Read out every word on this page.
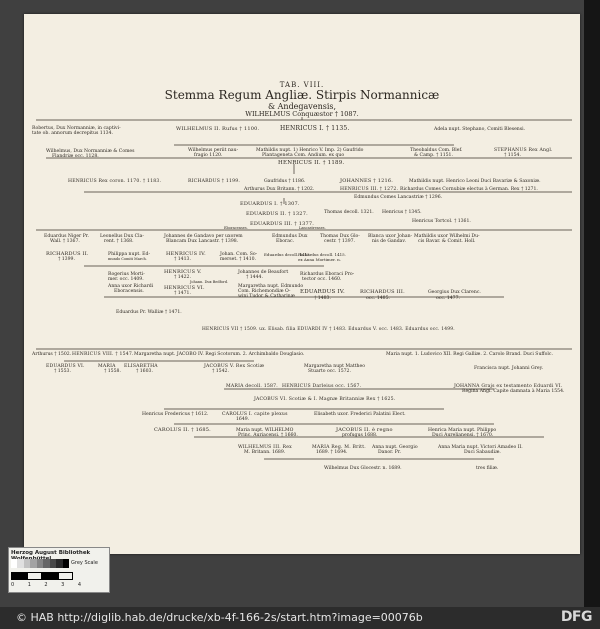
TAB. VIII.
Stemma Regum Angliæ. Stirpis Normannicæ
& Andegavensis,
WILHELMUS Conquæstor † 1087.
Robertus, Dux Normanniæ, in captivi-
tate ob. annorum decrepitus 1134.
WILHELMUS II. Rufus † 1100.	HENRICUS I. † 1135.	Adela nupt. Stephano, Comiti Blesensi.
Wilhelmus, Dux Normanniæ & Comes
Flandriæ occ. 1128.
Wilhelmus periit nau-
fragio 1120.
Mathildis nupt. 1) Henrico V. Imp. 2) Gaufrido
Plantageneta Com. Andium. ex quo
Theobaldus Com. Blef.
& Camp. † 1151.
STEPHANUS Rex Angl.
† 1154.
HENRICUS II. † 1189.
HENRICUS Rex coron. 1170. † 1183.	RICHARDUS † 1199.	Gaufridus † 1186.	JOHANNES † 1216.	Mathildis nupt. Henrico Leoni Duci Bavariæ & Saxoniæ.
Arthurus Dux Britann. † 1202.	HENRICUS III. † 1272. Richardus Comes Cornubiæ electus à German. Rex † 1271.
Edmundus Comes Lancastriæ † 1296.
EDUARDUS I. † 1307.
Thomas decoll. 1321. Henricus † 1345.
EDUARDUS II. † 1327.
Henricus Tortcol. † 1361.
EDUARDUS III. † 1377.
Eboracenses.	Lancastrenses.
Eduardus Niger Pr.
Wall. † 1367.
Leonellus Dux Cla-
rent. † 1368.
Johannes de Gandavo per uxorem
Blancam Dux Lancastr. † 1398.
Edmundus Dux
Eborac.
Thomas Dux Glo-
cestr. † 1397.
Blanca uxor Johan-
nis de Gandav.
Mathildis uxor Wilhelmi Du-
cis Bavar. & Comit. Holl.
RICHARDUS II.
† 1399.
Philippa nupt. Ed-
mundo Comiti March.
HENRICUS IV.
† 1413.
Johan. Com. So-
merset. † 1410.
Eduardus decoll. 1415.
Richardus decoll. 1415.
ex Anna Mortimer. n.
Rogerius Morti-
mer. occ. 1409.
HENRICUS V.
† 1422.
Johann. Dux Bedford.
Johannes de Beaufort
† 1444.
Richardus Eboraci Pro-
tector occ. 1460.
Anna uxor Richardi
Eboracensis.
HENRICUS VI.
† 1471.
Margaretha nupt. Edmundo
Com. Richemondiæ O-
wini Tudor & Catharinæ
EDUARDUS IV.
† 1483.
RICHARDUS III.
occ. 1485.
Georgius Dux Clarenc.
occ. 1477.
Eduardus Pr. Walliæ † 1471.
HENRICUS VII † 1509. ux. Elisab. filia EDUARDI IV † 1483. Eduardus V. occ. 1483. Eduardus occ. 1499.
Arthurus † 1502. HENRICUS VIII. † 1547. Margaretha nupt. JACOBO IV. Regi Scotorum. 2. Archimbaldo Douglasio.	Maria nupt. 1. Ludovico XII. Regi Galliæ. 2. Carolo Brand. Duci Suffolc.
EDUARDUS VI.
† 1553.
MARIA
† 1558.
ELISABETHA
† 1603.
JACOBUS V. Rex Scotiæ
† 1542.
Margaretha nupt Mattheo
Stuarto occ. 1572.
Francisca nupt. Johanni Grey.
MARIA decoll. 1587. HENRICUS Darleius occ. 1567.	JOHANNA Grajs ex testamento Eduardi VI.
Regina Angl. Capite damnata à Maria 1554.
JACOBUS VI. Scotiæ & I. Magnæ Britanniæ Rex † 1625.
Henricus Fredericus † 1612.	CAROLUS I. capite plexus
1649.
Elisabeth uxor. Frederici Palatini Elect.
CAROLUS II. † 1685.	Maria nupt. WILHELMO
Princ. Auriacensi. † 1660.
JACOBUS II. è regno
profugus 1688.
Henrica Maria nupt. Philippo
Duci Aurelianensi. † 1670.
WILHELMUS III. Rex
M. Britann. 1689.
MARIA Reg. M. Britt.
1689. † 1694.
Anna nupt. Georgio
Danor. Pr.
Anna Maria nupt. Victori Amadeo II.
Duci Sabaudiæ.
Wilhelmus Dux Glocestr. n. 1689.	tres filiæ.
Herzog August Bibliothek
Grey Scale
0	1	2	3	4
© HAB http://diglib.hab.de/drucke/xb-4f-166-2s/start.htm?image=00076b	DFG
